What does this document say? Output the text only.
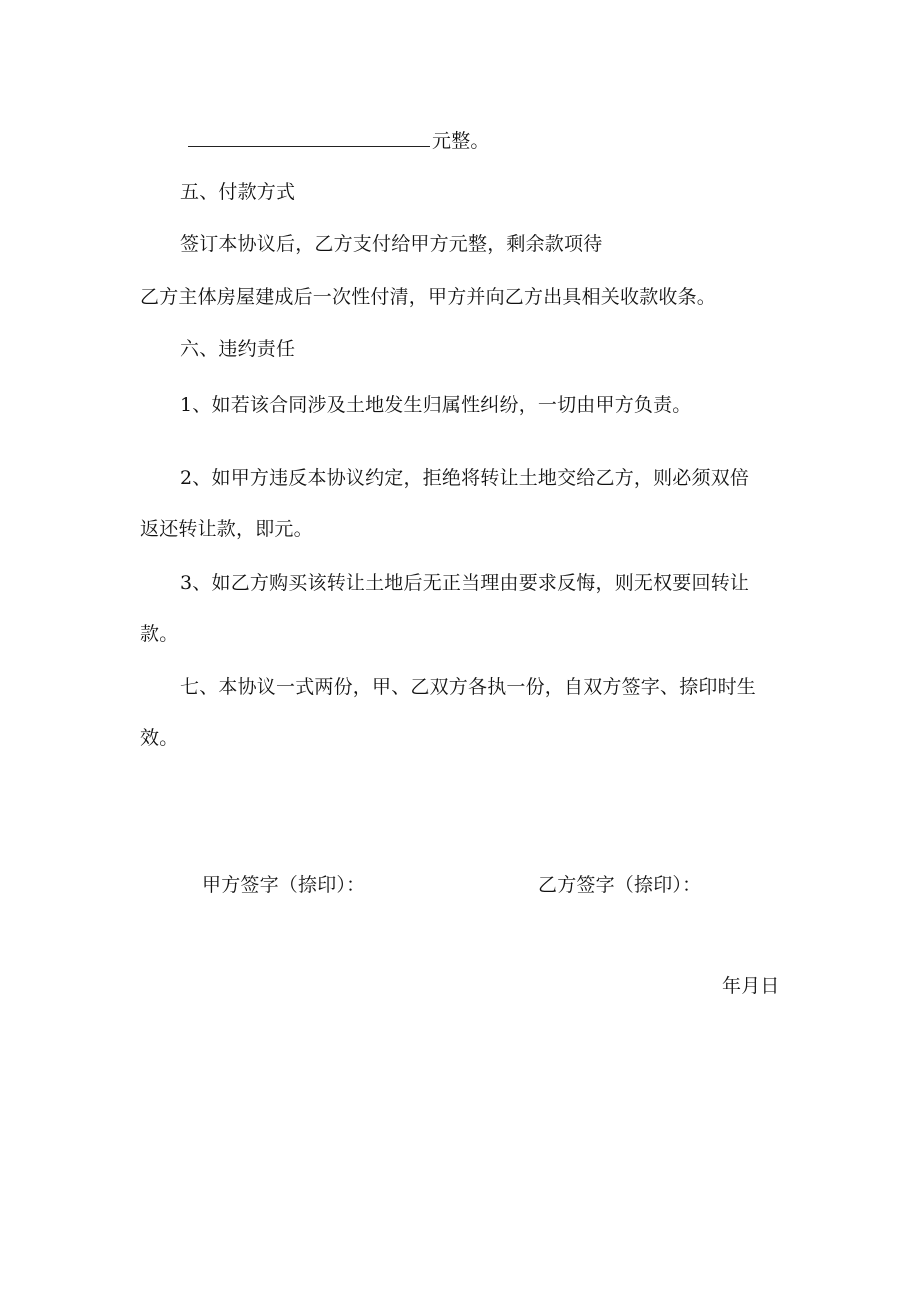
元整。
五、付款方式
签订本协议后，乙方支付给甲方元整，剩余款项待
乙方主体房屋建成后一次性付清，甲方并向乙方出具相关收款收条。
六、违约责任
1、如若该合同涉及土地发生归属性纠纷，一切由甲方负责。
2、如甲方违反本协议约定，拒绝将转让土地交给乙方，则必须双倍
返还转让款，即元。
3、如乙方购买该转让土地后无正当理由要求反悔，则无权要回转让
款。
七、本协议一式两份，甲、乙双方各执一份，自双方签字、捺印时生
效。
甲方签字（捺印）：	乙方签字（捺印）：
年月日
